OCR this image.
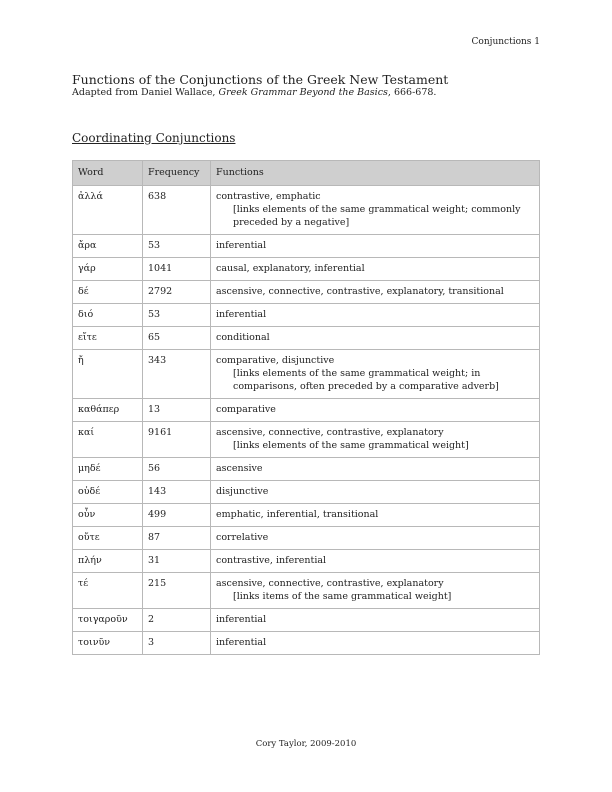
Conjunctions 1
Functions of the Conjunctions of the Greek New Testament
Adapted from Daniel Wallace, Greek Grammar Beyond the Basics, 666-678.
Coordinating Conjunctions
Word	Frequency	Functions
ἀλλά	638	contrastive, emphatic
[links elements of the same grammatical weight; commonly preceded by a negative]

ἄρα	53	inferential

γάρ	1041	causal, explanatory, inferential

δέ	2792	ascensive, connective, contrastive, explanatory, transitional

διό	53	inferential

εἴτε	65	conditional

ἤ	343	comparative, disjunctive
[links elements of the same grammatical weight; in comparisons, often preceded by a comparative adverb]

καθάπερ	13	comparative

καί	9161	ascensive, connective, contrastive, explanatory
[links elements of the same grammatical weight]

μηδέ	56	ascensive

οὐδέ	143	disjunctive

οὖν	499	emphatic, inferential, transitional

οὔτε	87	correlative

πλήν	31	contrastive, inferential

τέ	215	ascensive, connective, contrastive, explanatory
[links items of the same grammatical weight]

τοιγαροῦν	2	inferential

τοινῦν	3	inferential
Cory Taylor, 2009-2010
